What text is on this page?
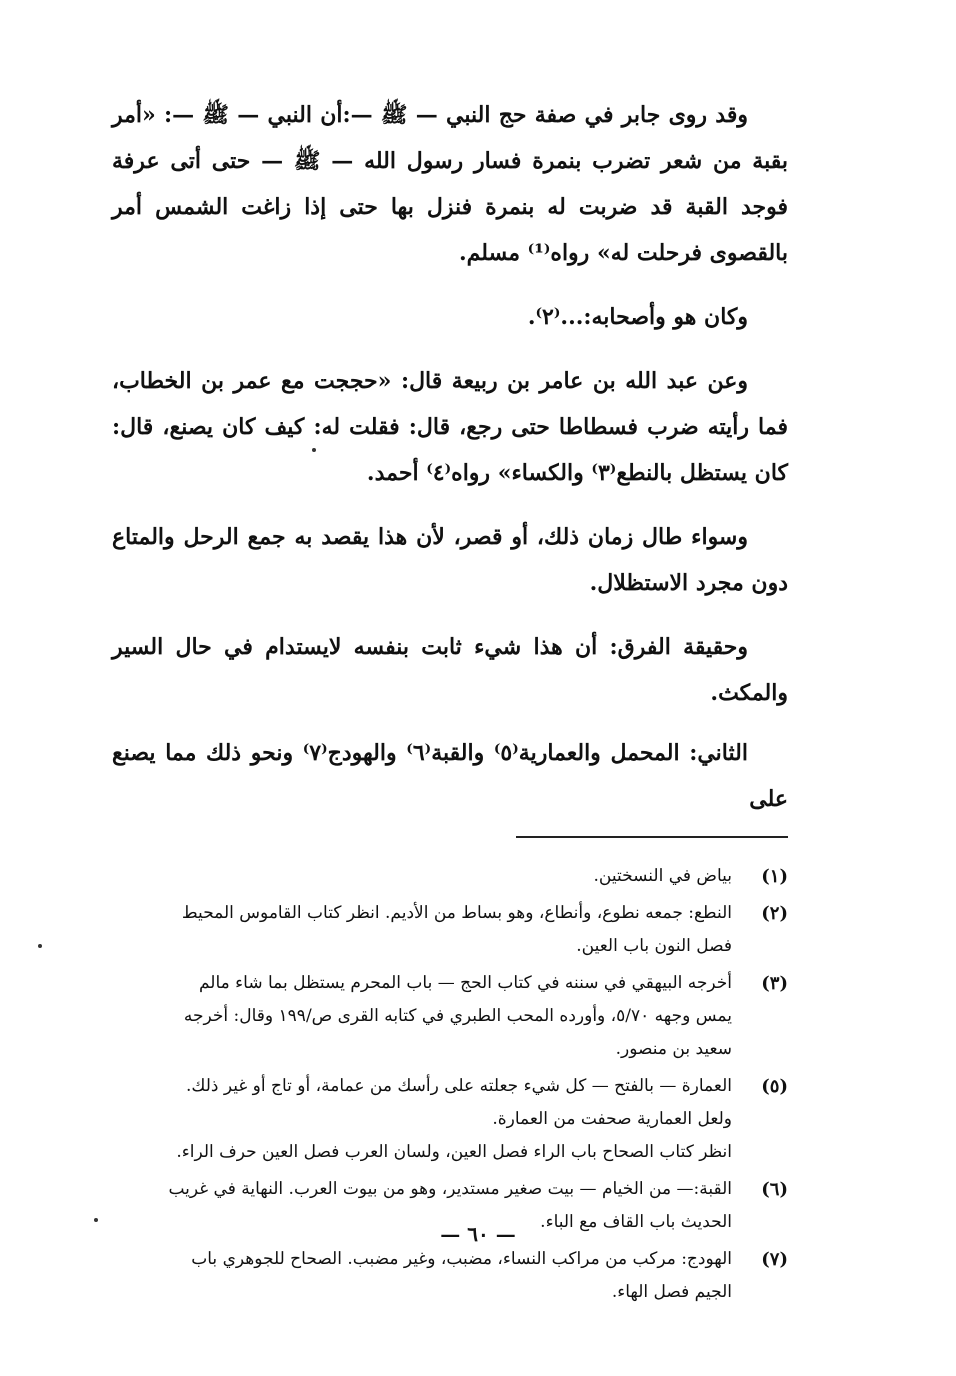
وقد روى جابر في صفة حج النبي — ﷺ —:أن النبي — ﷺ —: «أمر بقبة من شعر تضرب بنمرة فسار رسول الله — ﷺ — حتى أتى عرفة فوجد القبة قد ضربت له بنمرة فنزل بها حتى إذا زاغت الشمس أمر بالقصوى فرحلت له» رواه⁽¹⁾ مسلم.

وكان هو وأصحابه:...⁽٢⁾.

وعن عبد الله بن عامر بن ربيعة قال: «حججت مع عمر بن الخطاب، فما رأيته ضرب فسطاطا حتى رجع، قال: فقلت له: كيف كان يصنع، قال: كان يستظل بالنطع⁽٣⁾ والكساء» رواه⁽٤⁾ أحمد.

وسواء طال زمان ذلك، أو قصر، لأن هذا يقصد به جمع الرحل والمتاع دون مجرد الاستظلال.

وحقيقة الفرق: أن هذا شيء ثابت بنفسه لايستدام في حال السير والمكث.

الثاني: المحمل والعمارية⁽٥⁾ والقبة⁽٦⁾ والهودج⁽٧⁾ ونحو ذلك مما يصنع على

(١)
بياض في النسختين.
(٢)
النطع: جمعه نطوع، وأنطاع، وهو بساط من الأديم. انظر كتاب القاموس المحيط
فصل النون باب العين.
(٣)
أخرجه البيهقي في سننه في كتاب الحج — باب المحرم يستظل بما شاء مالم
يمس وجهه ٥/٧٠، وأورده المحب الطبري في كتابه القرى ص/١٩٩ وقال: أخرجه
سعيد بن منصور.
(٥)
العمارة — بالفتح — كل شيء جعلته على رأسك من عمامة، أو تاج أو غير ذلك.
ولعل العمارية صحفت من العمارة.
انظر كتاب الصحاح باب الراء فصل العين، ولسان العرب فصل العين حرف الراء.
(٦)
القبة:— من الخيام — بيت صغير مستدير، وهو من بيوت العرب. النهاية في غريب
الحديث باب القاف مع الباء.
(٧)
الهودج: مركب من مراكب النساء، مضبب، وغير مضبب. الصحاح للجوهري باب
الجيم فصل الهاء.
— ٦٠ —
